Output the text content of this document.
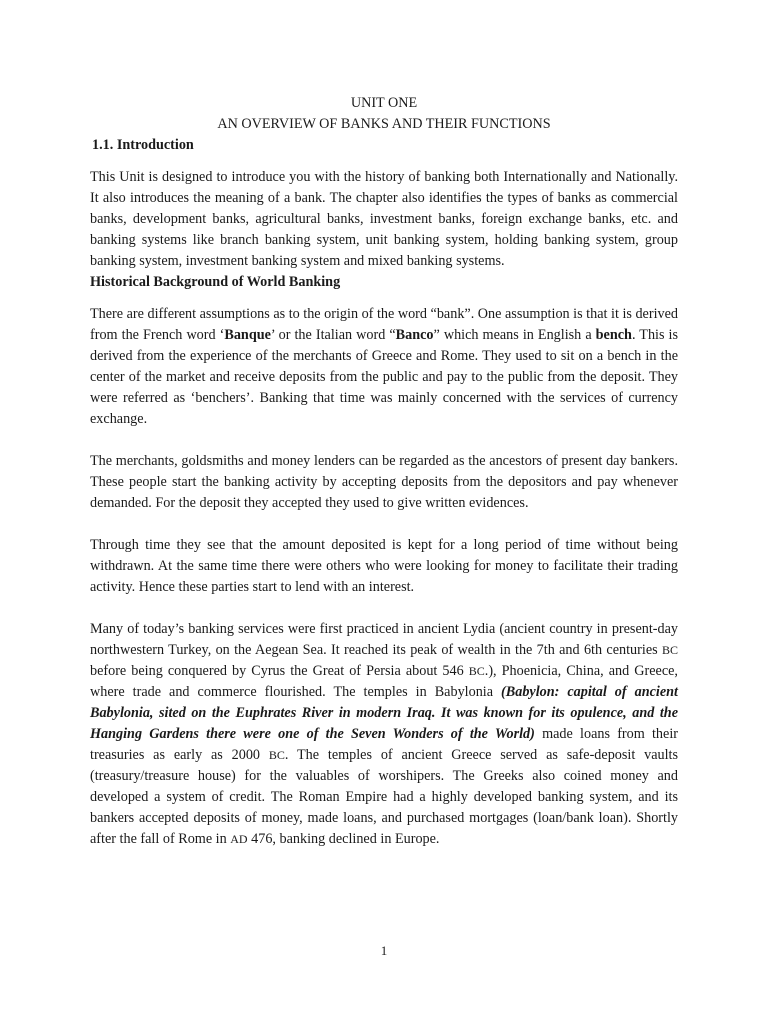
UNIT ONE
AN OVERVIEW OF BANKS AND THEIR FUNCTIONS
1.1. Introduction

This Unit is designed to introduce you with the history of banking both Internationally and Nationally. It also introduces the meaning of a bank. The chapter also identifies the types of banks as commercial banks, development banks, agricultural banks, investment banks, foreign exchange banks, etc. and banking systems like branch banking system, unit banking system, holding banking system, group banking system, investment banking system and mixed banking systems.

Historical Background of World Banking

There are different assumptions as to the origin of the word “bank”. One assumption is that it is derived from the French word ‘Banque’ or the Italian word “Banco” which means in English a bench. This is derived from the experience of the merchants of Greece and Rome. They used to sit on a bench in the center of the market and receive deposits from the public and pay to the public from the deposit. They were referred as ‘benchers’. Banking that time was mainly concerned with the services of currency exchange.

The merchants, goldsmiths and money lenders can be regarded as the ancestors of present day bankers. These people start the banking activity by accepting deposits from the depositors and pay whenever demanded. For the deposit they accepted they used to give written evidences.

Through time they see that the amount deposited is kept for a long period of time without being withdrawn. At the same time there were others who were looking for money to facilitate their trading activity. Hence these parties start to lend with an interest.

Many of today’s banking services were first practiced in ancient Lydia (ancient country in present-day northwestern Turkey, on the Aegean Sea. It reached its peak of wealth in the 7th and 6th centuries BC before being conquered by Cyrus the Great of Persia about 546 BC.), Phoenicia, China, and Greece, where trade and commerce flourished. The temples in Babylonia (Babylon: capital of ancient Babylonia, sited on the Euphrates River in modern Iraq. It was known for its opulence, and the Hanging Gardens there were one of the Seven Wonders of the World) made loans from their treasuries as early as 2000 BC. The temples of ancient Greece served as safe-deposit vaults (treasury/treasure house) for the valuables of worshipers. The Greeks also coined money and developed a system of credit. The Roman Empire had a highly developed banking system, and its bankers accepted deposits of money, made loans, and purchased mortgages (loan/bank loan). Shortly after the fall of Rome in AD 476, banking declined in Europe.

1
